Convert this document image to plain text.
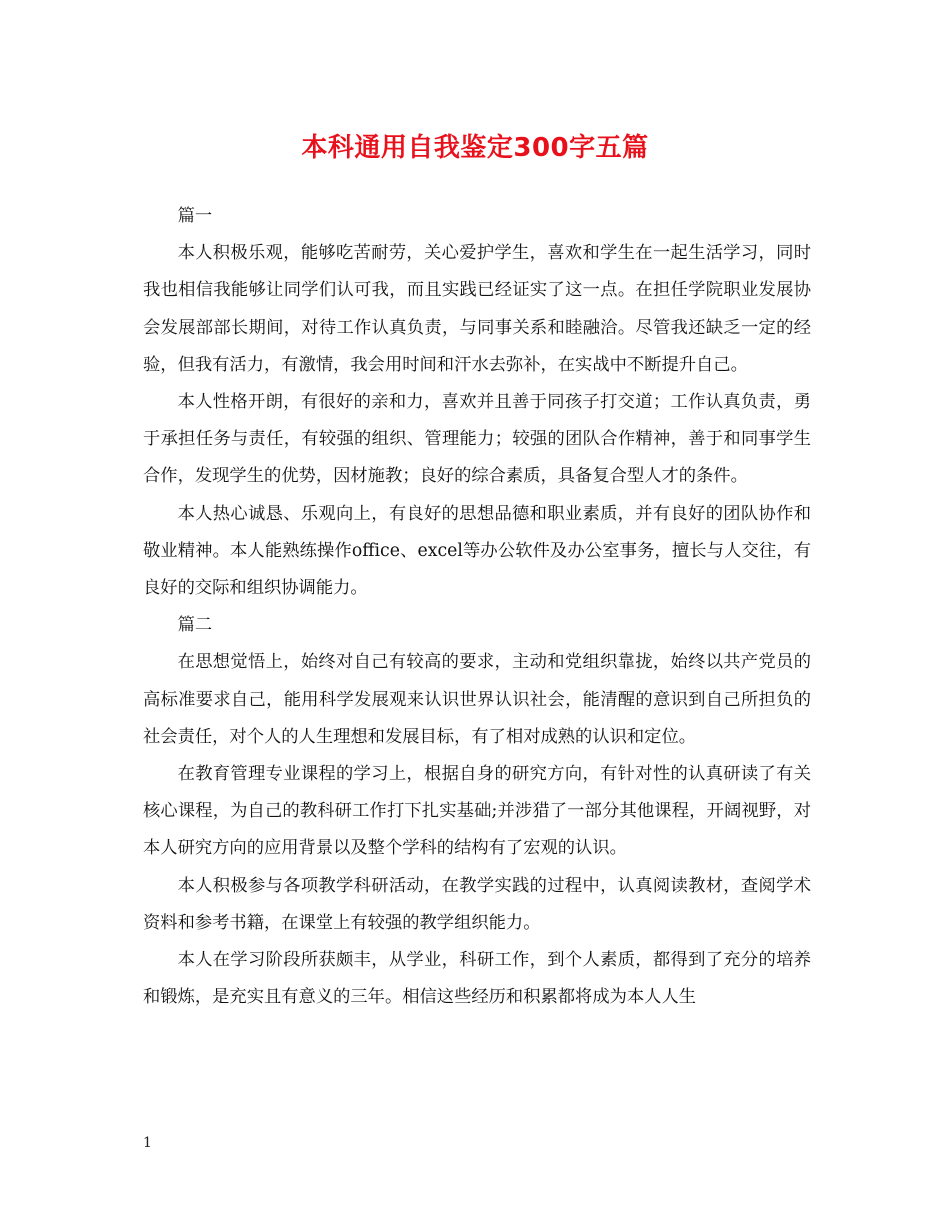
本科通用自我鉴定300字五篇

篇一

本人积极乐观，能够吃苦耐劳，关心爱护学生，喜欢和学生在一起生活学习，同时我也相信我能够让同学们认可我，而且实践已经证实了这一点。在担任学院职业发展协会发展部部长期间，对待工作认真负责，与同事关系和睦融洽。尽管我还缺乏一定的经验，但我有活力，有激情，我会用时间和汗水去弥补，在实战中不断提升自己。

本人性格开朗，有很好的亲和力，喜欢并且善于同孩子打交道；工作认真负责，勇于承担任务与责任，有较强的组织、管理能力；较强的团队合作精神，善于和同事学生合作，发现学生的优势，因材施教；良好的综合素质，具备复合型人才的条件。

本人热心诚恳、乐观向上，有良好的思想品德和职业素质，并有良好的团队协作和敬业精神。本人能熟练操作office、excel等办公软件及办公室事务，擅长与人交往，有良好的交际和组织协调能力。

篇二

在思想觉悟上，始终对自己有较高的要求，主动和党组织靠拢，始终以共产党员的高标准要求自己，能用科学发展观来认识世界认识社会，能清醒的意识到自己所担负的社会责任，对个人的人生理想和发展目标，有了相对成熟的认识和定位。

在教育管理专业课程的学习上，根据自身的研究方向，有针对性的认真研读了有关核心课程，为自己的教科研工作打下扎实基础;并涉猎了一部分其他课程，开阔视野，对本人研究方向的应用背景以及整个学科的结构有了宏观的认识。

本人积极参与各项教学科研活动，在教学实践的过程中，认真阅读教材，查阅学术资料和参考书籍，在课堂上有较强的教学组织能力。

本人在学习阶段所获颇丰，从学业，科研工作，到个人素质，都得到了充分的培养和锻炼，是充实且有意义的三年。相信这些经历和积累都将成为本人人生

1
